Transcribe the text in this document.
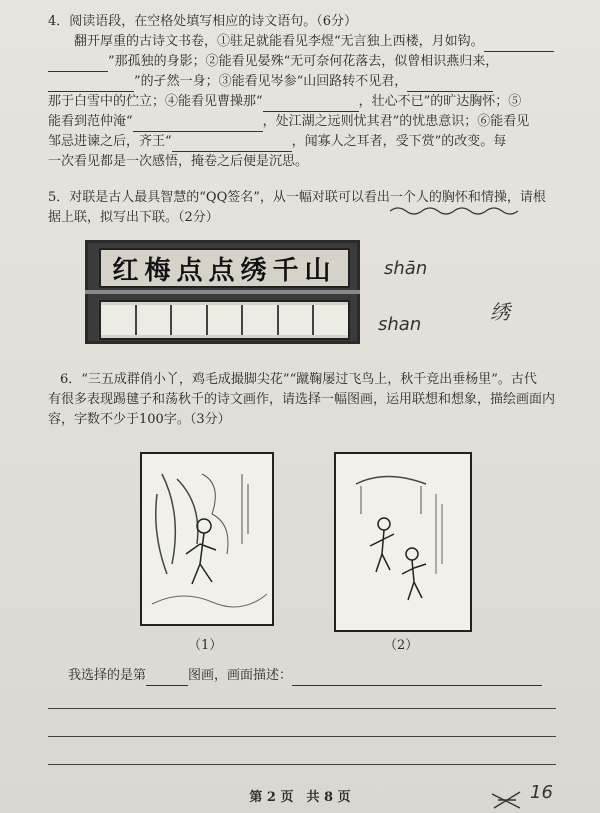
4．阅读语段，在空格处填写相应的诗文语句。（6分）
翻开厚重的古诗文书卷，①驻足就能看见李煜“无言独上西楼，月如钩。
”那孤独的身影；②能看见晏殊“无可奈何花落去，似曾相识燕归来，
”的孑然一身；③能看见岑参“山回路转不见君，
那于白雪中的伫立；④能看见曹操那“	，壮心不已”的旷达胸怀；⑤
能看到范仲淹“	，处江湖之远则忧其君”的忧患意识；⑥能看见
邹忌进谏之后，齐王“	，闻寡人之耳者，受下赏”的改变。每
一次看见都是一次感悟，掩卷之后便是沉思。
5．对联是古人最具智慧的“QQ签名”，从一幅对联可以看出一个人的胸怀和情操，请根
据上联，拟写出下联。（2分）
红梅点点绣千山	shān
shan
绣
6．“三五成群俏小丫，鸡毛成撮脚尖花”“蹴鞠屡过飞鸟上，秋千竞出垂杨里”。古代
有很多表现踢毽子和荡秋千的诗文画作，请选择一幅图画，运用联想和想象，描绘画面内
容，字数不少于100字。（3分）
（1）	（2）
我选择的是第	图画，画面描述：
第 2 页　共 8 页	16
